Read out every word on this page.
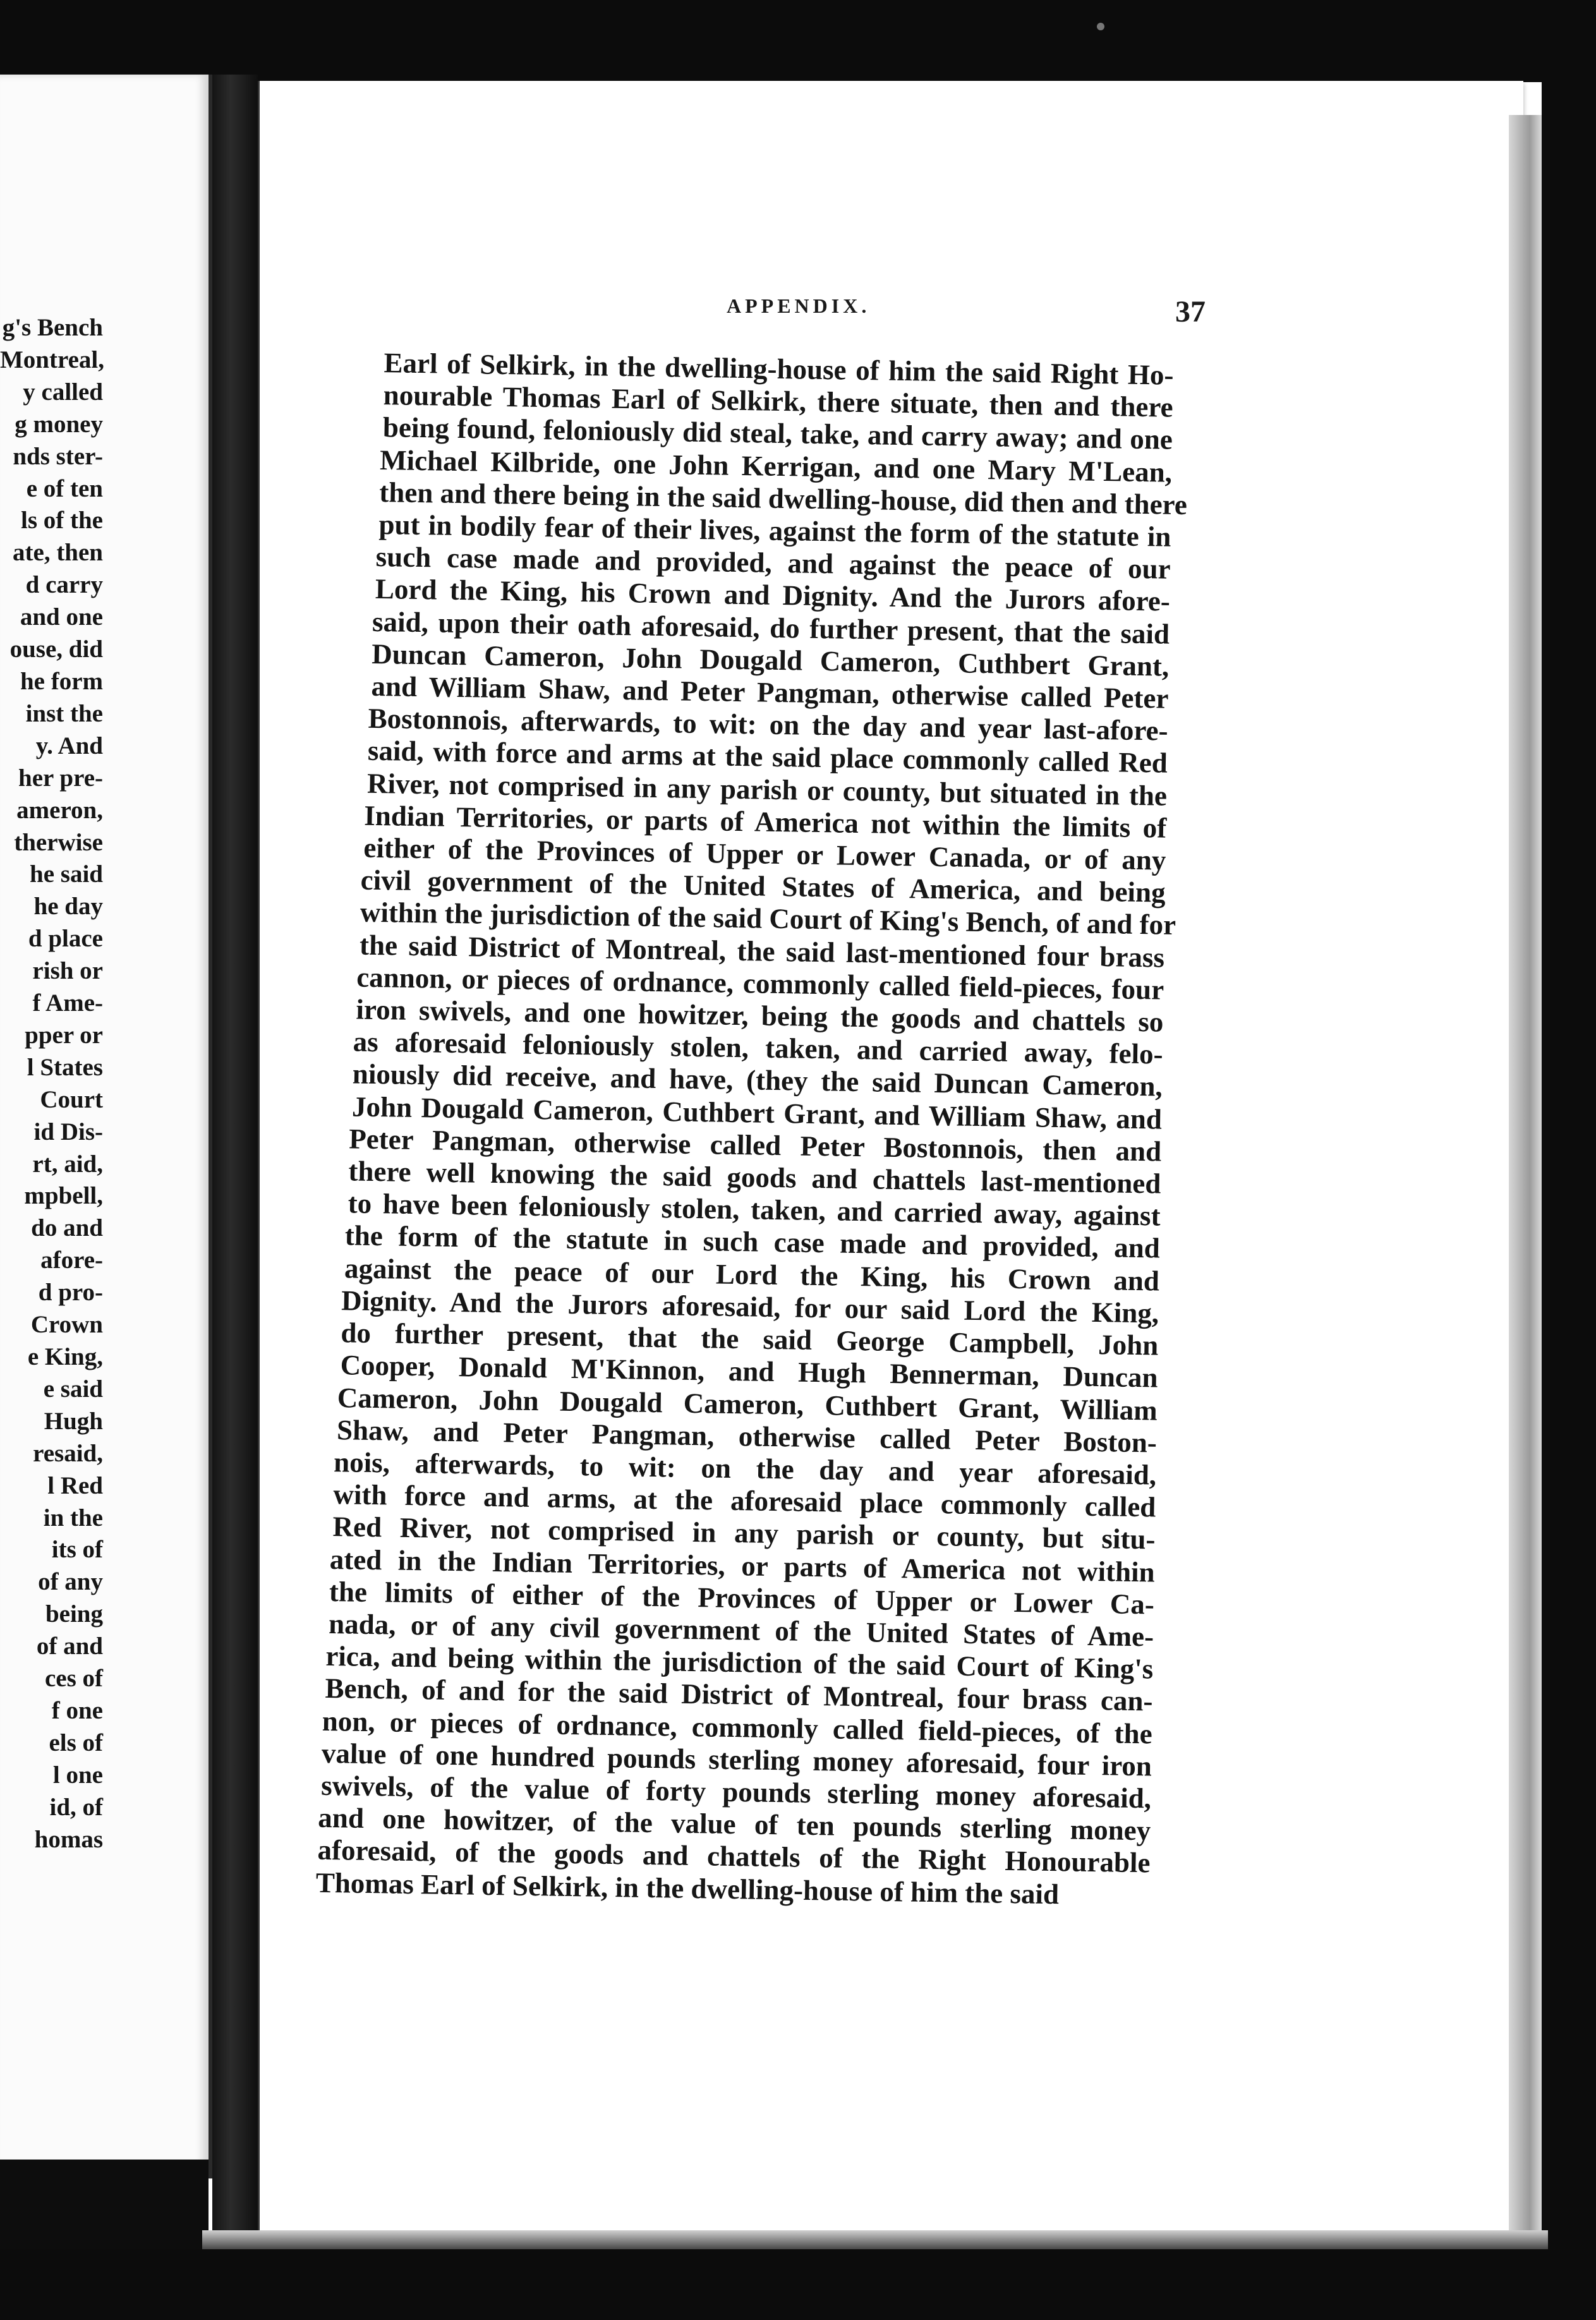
g's Bench
Montreal,
y called
g money
nds ster-
e of ten
ls of the
ate, then
d carry
and one
ouse, did
he form
inst the
y. And
her pre-
ameron,
therwise
he said
he day
d place
rish or
f Ame-
pper or
l States
Court
id Dis-
rt, aid,
mpbell,
do and
afore-
d pro-
Crown
e King,
e said
Hugh
resaid,
l Red
in the
its of
of any
being
of and
ces of
f one
els of
l one
id, of
homas
APPENDIX.	37
Earl of Selkirk, in the dwelling-house of him the said Right Ho-
nourable Thomas Earl of Selkirk, there situate, then and there
being found, feloniously did steal, take, and carry away; and one
Michael Kilbride, one John Kerrigan, and one Mary M'Lean,
then and there being in the said dwelling-house, did then and there
put in bodily fear of their lives, against the form of the statute in
such case made and provided, and against the peace of our
Lord the King, his Crown and Dignity. And the Jurors afore-
said, upon their oath aforesaid, do further present, that the said
Duncan Cameron, John Dougald Cameron, Cuthbert Grant,
and William Shaw, and Peter Pangman, otherwise called Peter
Bostonnois, afterwards, to wit: on the day and year last-afore-
said, with force and arms at the said place commonly called Red
River, not comprised in any parish or county, but situated in the
Indian Territories, or parts of America not within the limits of
either of the Provinces of Upper or Lower Canada, or of any
civil government of the United States of America, and being
within the jurisdiction of the said Court of King's Bench, of and for
the said District of Montreal, the said last-mentioned four brass
cannon, or pieces of ordnance, commonly called field-pieces, four
iron swivels, and one howitzer, being the goods and chattels so
as aforesaid feloniously stolen, taken, and carried away, felo-
niously did receive, and have, (they the said Duncan Cameron,
John Dougald Cameron, Cuthbert Grant, and William Shaw, and
Peter Pangman, otherwise called Peter Bostonnois, then and
there well knowing the said goods and chattels last-mentioned
to have been feloniously stolen, taken, and carried away, against
the form of the statute in such case made and provided, and
against the peace of our Lord the King, his Crown and
Dignity. And the Jurors aforesaid, for our said Lord the King,
do further present, that the said George Campbell, John
Cooper, Donald M'Kinnon, and Hugh Bennerman, Duncan
Cameron, John Dougald Cameron, Cuthbert Grant, William
Shaw, and Peter Pangman, otherwise called Peter Boston-
nois, afterwards, to wit: on the day and year aforesaid,
with force and arms, at the aforesaid place commonly called
Red River, not comprised in any parish or county, but situ-
ated in the Indian Territories, or parts of America not within
the limits of either of the Provinces of Upper or Lower Ca-
nada, or of any civil government of the United States of Ame-
rica, and being within the jurisdiction of the said Court of King's
Bench, of and for the said District of Montreal, four brass can-
non, or pieces of ordnance, commonly called field-pieces, of the
value of one hundred pounds sterling money aforesaid, four iron
swivels, of the value of forty pounds sterling money aforesaid,
and one howitzer, of the value of ten pounds sterling money
aforesaid, of the goods and chattels of the Right Honourable
Thomas Earl of Selkirk, in the dwelling-house of him the said
